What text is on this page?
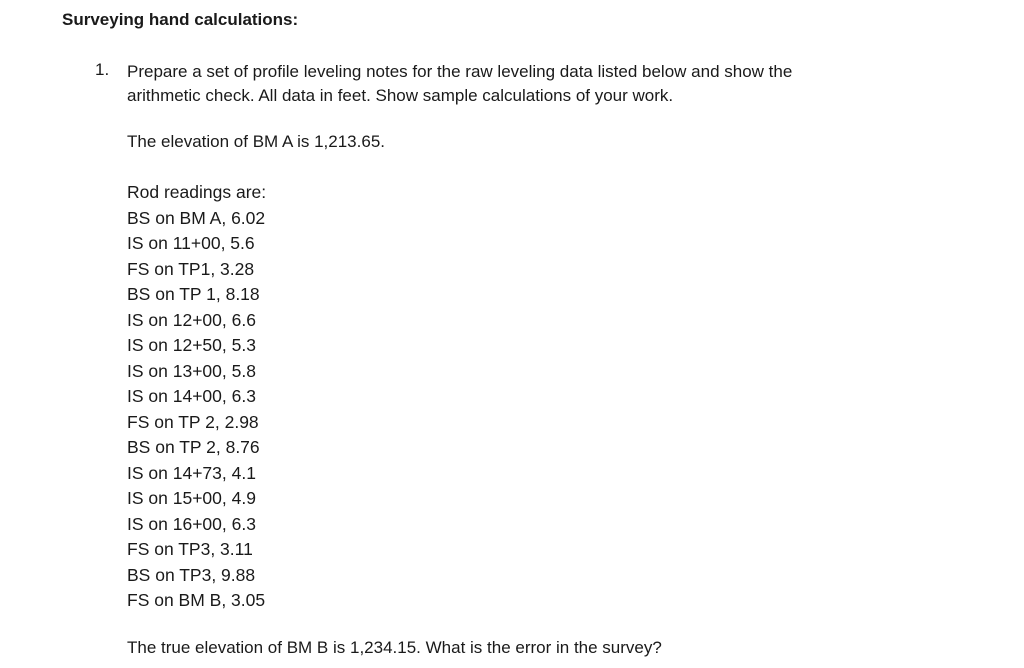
Surveying hand calculations:
1. Prepare a set of profile leveling notes for the raw leveling data listed below and show the
arithmetic check. All data in feet. Show sample calculations of your work.
The elevation of BM A is 1,213.65.
Rod readings are:
BS on BM A, 6.02
IS on 11+00, 5.6
FS on TP1, 3.28
BS on TP 1, 8.18
IS on 12+00, 6.6
IS on 12+50, 5.3
IS on 13+00, 5.8
IS on 14+00, 6.3
FS on TP 2, 2.98
BS on TP 2, 8.76
IS on 14+73, 4.1
IS on 15+00, 4.9
IS on 16+00, 6.3
FS on TP3, 3.11
BS on TP3, 9.88
FS on BM B, 3.05
The true elevation of BM B is 1,234.15. What is the error in the survey?
